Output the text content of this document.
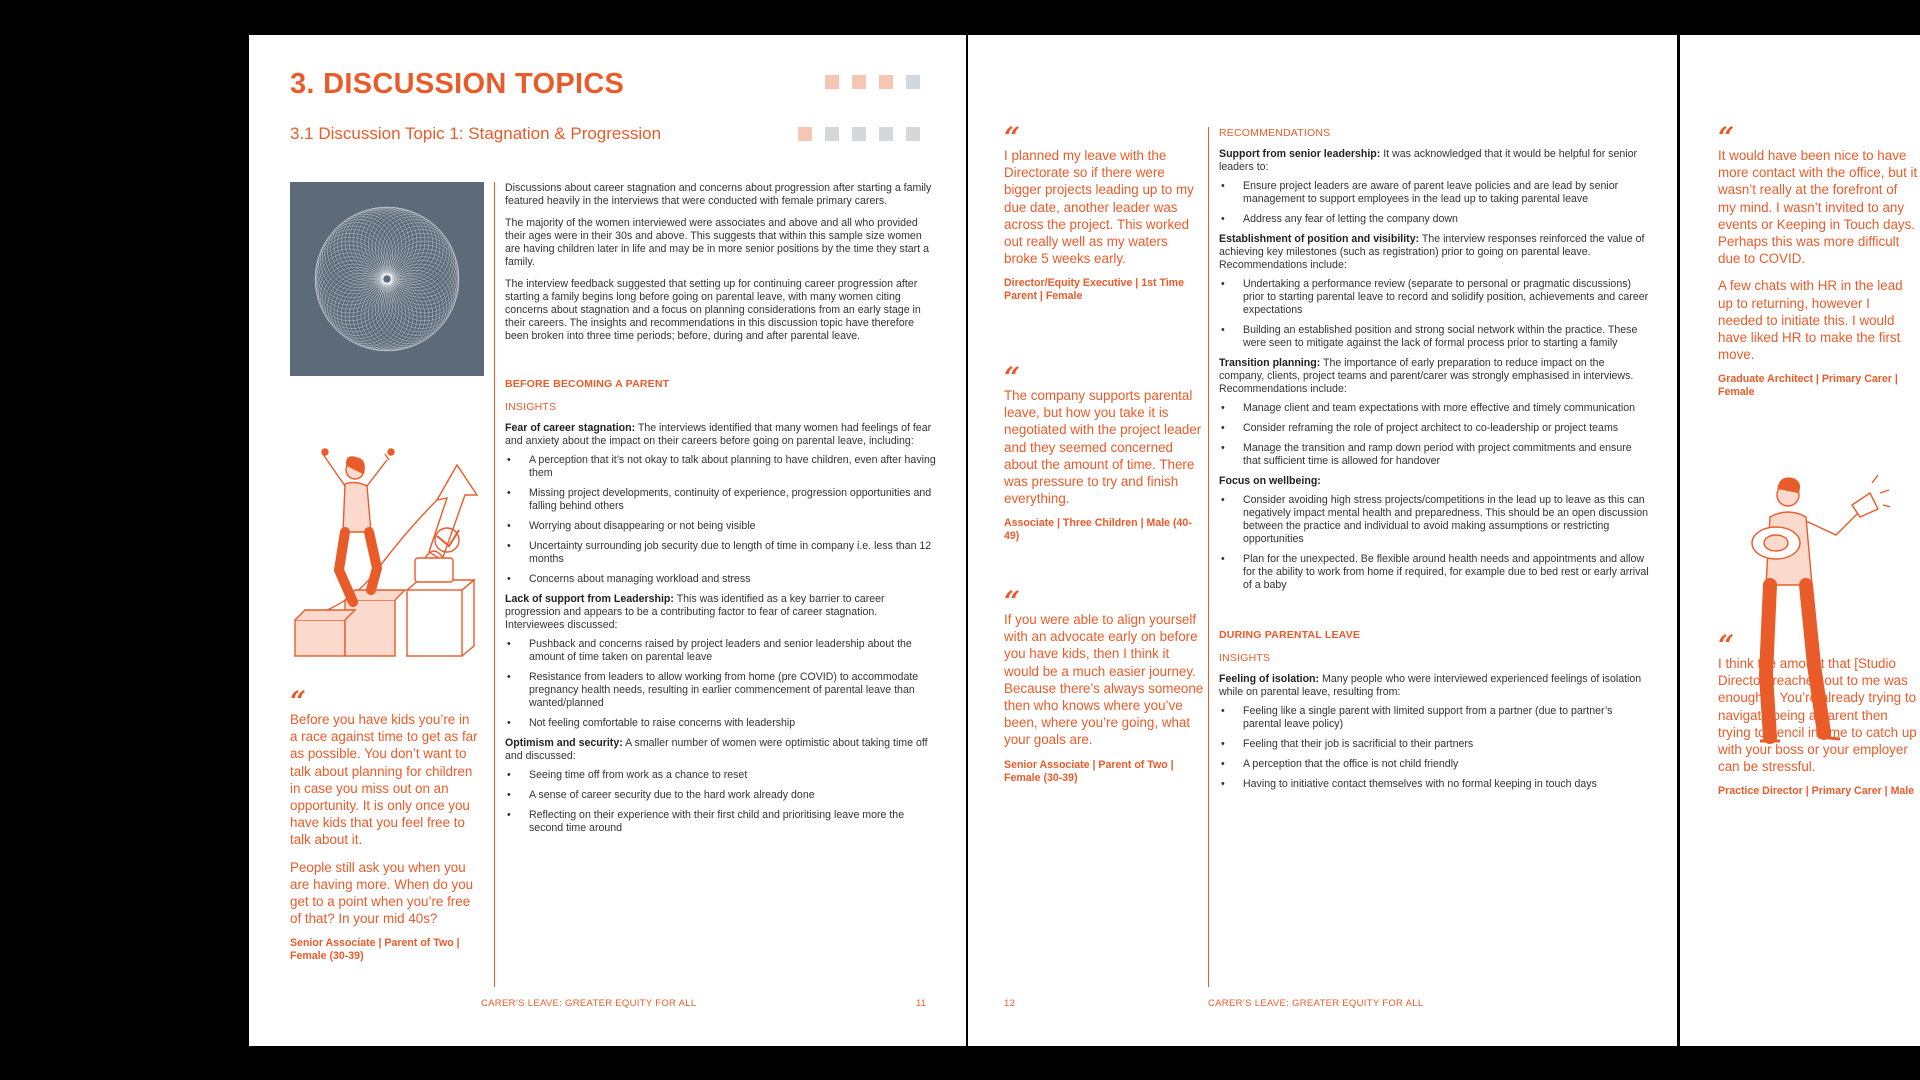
3. DISCUSSION TOPICS
3.1 Discussion Topic 1: Stagnation & Progression
“

Before you have kids you’re in a race against time to get as far as possible. You don’t want to talk about planning for children in case you miss out on an opportunity. It is only once you have kids that you feel free to talk about it.

People still ask you when you are having more. When do you get to a point when you’re free of that? In your mid 40s?

Senior Associate | Parent of Two | Female (30-39)

Discussions about career stagnation and concerns about progression after starting a family featured heavily in the interviews that were conducted with female primary carers.

The majority of the women interviewed were associates and above and all who provided their ages were in their 30s and above. This suggests that within this sample size women are having children later in life and may be in more senior positions by the time they start a family.

The interview feedback suggested that setting up for continuing career progression after starting a family begins long before going on parental leave, with many women citing concerns about stagnation and a focus on planning considerations from an early stage in their careers. The insights and recommendations in this discussion topic have therefore been broken into three time periods; before, during and after parental leave.

BEFORE BECOMING A PARENT
INSIGHTS
Fear of career stagnation: The interviews identified that many women had feelings of fear and anxiety about the impact on their careers before going on parental leave, including:
• A perception that it’s not okay to talk about planning to have children, even after having them
• Missing project developments, continuity of experience, progression opportunities and falling behind others
• Worrying about disappearing or not being visible
• Uncertainty surrounding job security due to length of time in company i.e. less than 12 months
• Concerns about managing workload and stress
Lack of support from Leadership: This was identified as a key barrier to career progression and appears to be a contributing factor to fear of career stagnation. Interviewees discussed:
• Pushback and concerns raised by project leaders and senior leadership about the amount of time taken on parental leave
• Resistance from leaders to allow working from home (pre COVID) to accommodate pregnancy health needs, resulting in earlier commencement of parental leave than wanted/planned
• Not feeling comfortable to raise concerns with leadership
Optimism and security: A smaller number of women were optimistic about taking time off and discussed:
• Seeing time off from work as a chance to reset
• A sense of career security due to the hard work already done
• Reflecting on their experience with their first child and prioritising leave more the second time around
CARER’S LEAVE: GREATER EQUITY FOR ALL	11
“

I planned my leave with the Directorate so if there were bigger projects leading up to my due date, another leader was across the project. This worked out really well as my waters broke 5 weeks early.

Director/Equity Executive | 1st Time Parent | Female
“

The company supports parental leave, but how you take it is negotiated with the project leader and they seemed concerned about the amount of time. There was pressure to try and finish everything.

Associate | Three Children | Male (40-49)
“

If you were able to align yourself with an advocate early on before you have kids, then I think it would be a much easier journey. Because there’s always someone then who knows where you’ve been, where you’re going, what your goals are.

Senior Associate | Parent of Two | Female (30-39)
RECOMMENDATIONS
Support from senior leadership: It was acknowledged that it would be helpful for senior leaders to:
• Ensure project leaders are aware of parent leave policies and are lead by senior management to support employees in the lead up to taking parental leave
• Address any fear of letting the company down
Establishment of position and visibility: The interview responses reinforced the value of achieving key milestones (such as registration) prior to going on parental leave. Recommendations include:
• Undertaking a performance review (separate to personal or pragmatic discussions) prior to starting parental leave to record and solidify position, achievements and career expectations
• Building an established position and strong social network within the practice. These were seen to mitigate against the lack of formal process prior to starting a family
Transition planning: The importance of early preparation to reduce impact on the company, clients, project teams and parent/carer was strongly emphasised in interviews. Recommendations include:
• Manage client and team expectations with more effective and timely communication
• Consider reframing the role of project architect to co-leadership or project teams
• Manage the transition and ramp down period with project commitments and ensure that sufficient time is allowed for handover
Focus on wellbeing:
• Consider avoiding high stress projects/competitions in the lead up to leave as this can negatively impact mental health and preparedness. This should be an open discussion between the practice and individual to avoid making assumptions or restricting opportunities
• Plan for the unexpected. Be flexible around health needs and appointments and allow for the ability to work from home if required, for example due to bed rest or early arrival of a baby
DURING PARENTAL LEAVE
INSIGHTS
Feeling of isolation: Many people who were interviewed experienced feelings of isolation while on parental leave, resulting from:
• Feeling like a single parent with limited support from a partner (due to partner’s parental leave policy)
• Feeling that their job is sacrificial to their partners
• A perception that the office is not child friendly
• Having to initiative contact themselves with no formal keeping in touch days
12	CARER’S LEAVE: GREATER EQUITY FOR ALL
“

It would have been nice to have more contact with the office, but it wasn’t really at the forefront of my mind. I wasn’t invited to any events or Keeping in Touch days. Perhaps this was more difficult due to COVID.

A few chats with HR in the lead up to returning, however I needed to initiate this. I would have liked HR to make the first move.

Graduate Architect | Primary Carer | Female
“

I think the amount that [Studio Director] reached out to me was enough… You’re already trying to navigate being a parent then trying to pencil in time to catch up with your boss or your employer can be stressful.

Practice Director | Primary Carer | Male
